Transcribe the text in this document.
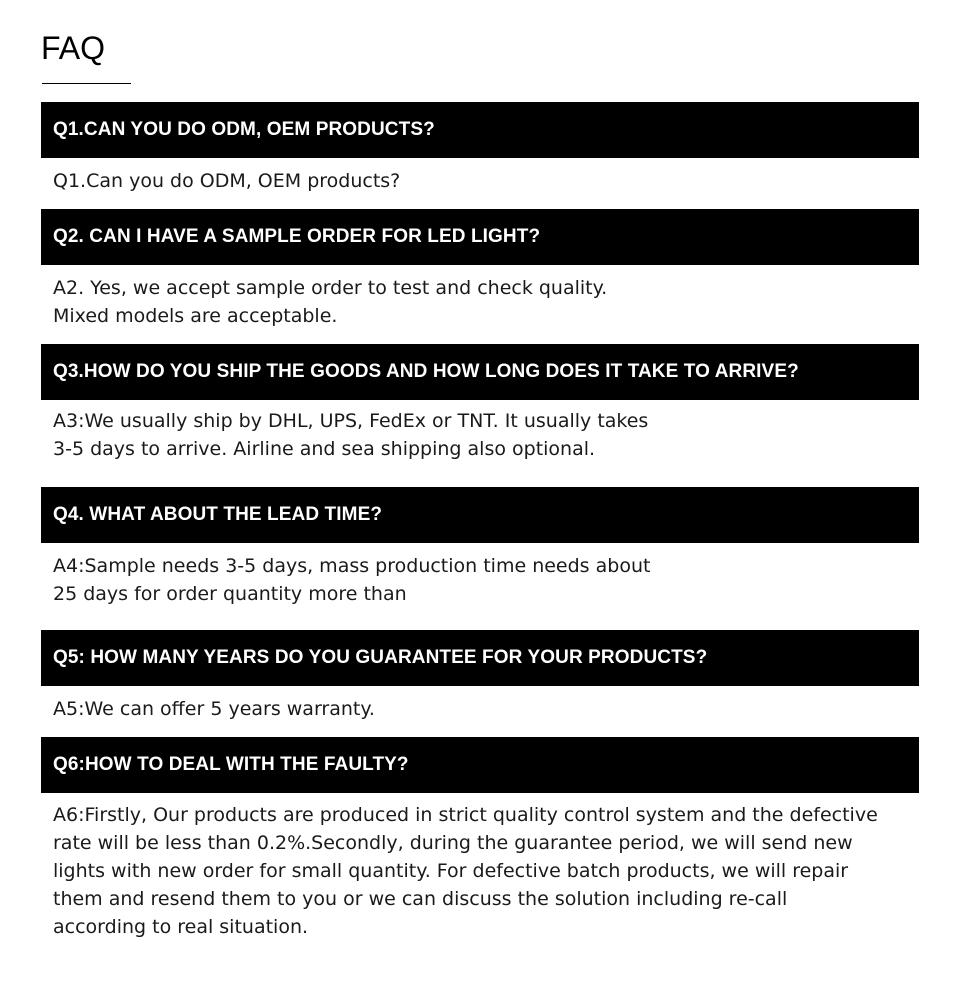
FAQ
Q1.CAN YOU DO ODM, OEM PRODUCTS?
Q1.Can you do ODM, OEM products?
Q2. CAN I HAVE A SAMPLE ORDER FOR LED LIGHT?
A2. Yes, we accept sample order to test and check quality.
Mixed models are acceptable.
Q3.HOW DO YOU SHIP THE GOODS AND HOW LONG DOES IT TAKE TO ARRIVE?
A3:We usually ship by DHL, UPS, FedEx or TNT. It usually takes
3-5 days to arrive. Airline and sea shipping also optional.
Q4. WHAT ABOUT THE LEAD TIME?
A4:Sample needs 3-5 days, mass production time needs about
25 days for order quantity more than
Q5: HOW MANY YEARS DO YOU GUARANTEE FOR YOUR PRODUCTS?
A5:We can offer 5 years warranty.
Q6:HOW TO DEAL WITH THE FAULTY?
A6:Firstly, Our products are produced in strict quality control system and the defective
rate will be less than 0.2%.Secondly, during the guarantee period, we will send new
lights with new order for small quantity. For defective batch products, we will repair
them and resend them to you or we can discuss the solution including re-call
according to real situation.
